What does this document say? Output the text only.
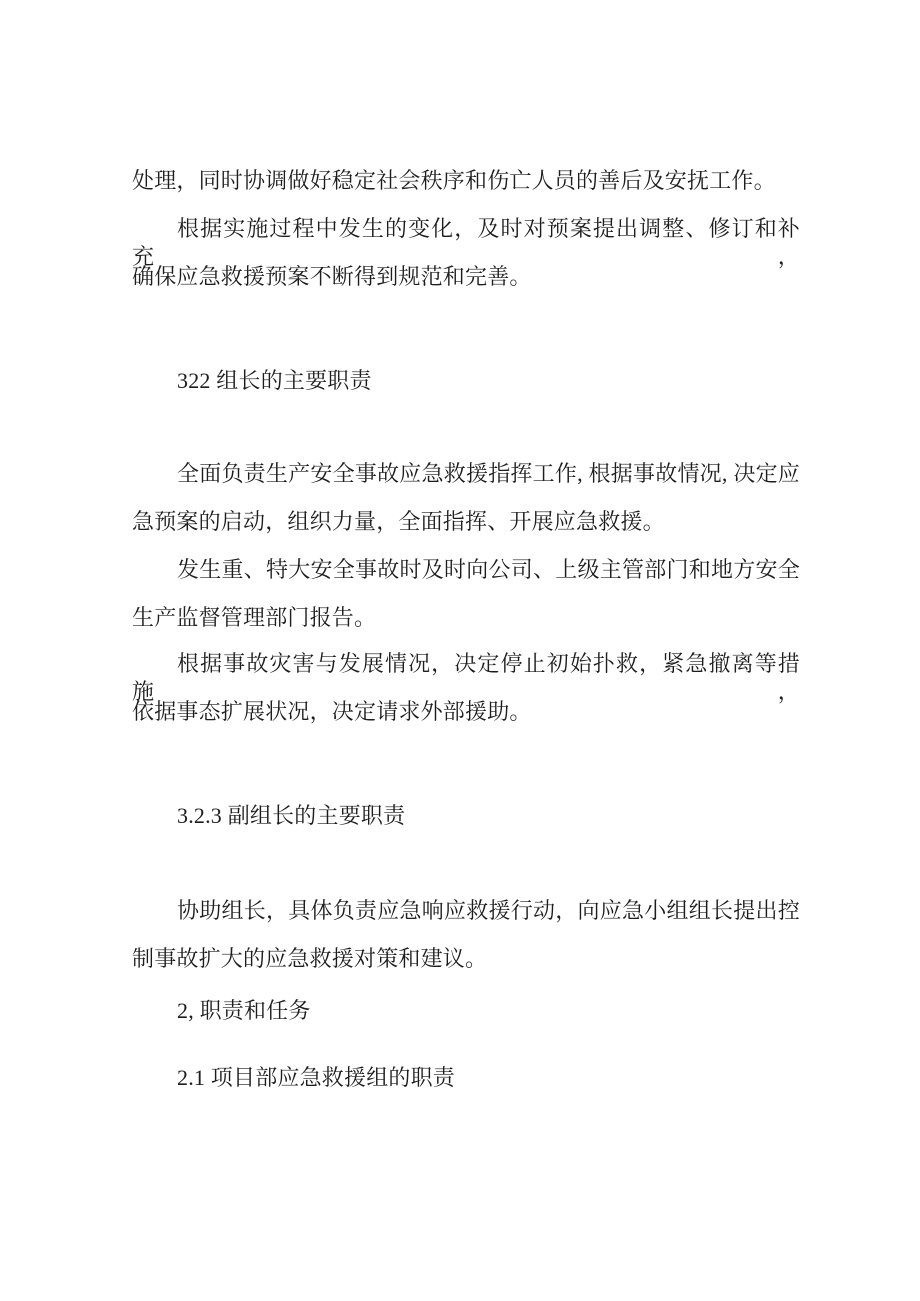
处理，同时协调做好稳定社会秩序和伤亡人员的善后及安抚工作。
根据实施过程中发生的变化，及时对预案提出调整、修订和补充，
确保应急救援预案不断得到规范和完善。
322 组长的主要职责
全面负责生产安全事故应急救援指挥工作, 根据事故情况, 决定应
急预案的启动，组织力量，全面指挥、开展应急救援。
发生重、特大安全事故时及时向公司、上级主管部门和地方安全
生产监督管理部门报告。
根据事故灾害与发展情况，决定停止初始扑救，紧急撤离等措施，
依据事态扩展状况，决定请求外部援助。
3.2.3 副组长的主要职责
协助组长，具体负责应急响应救援行动，向应急小组组长提出控
制事故扩大的应急救援对策和建议。
2, 职责和任务
2.1 项目部应急救援组的职责
